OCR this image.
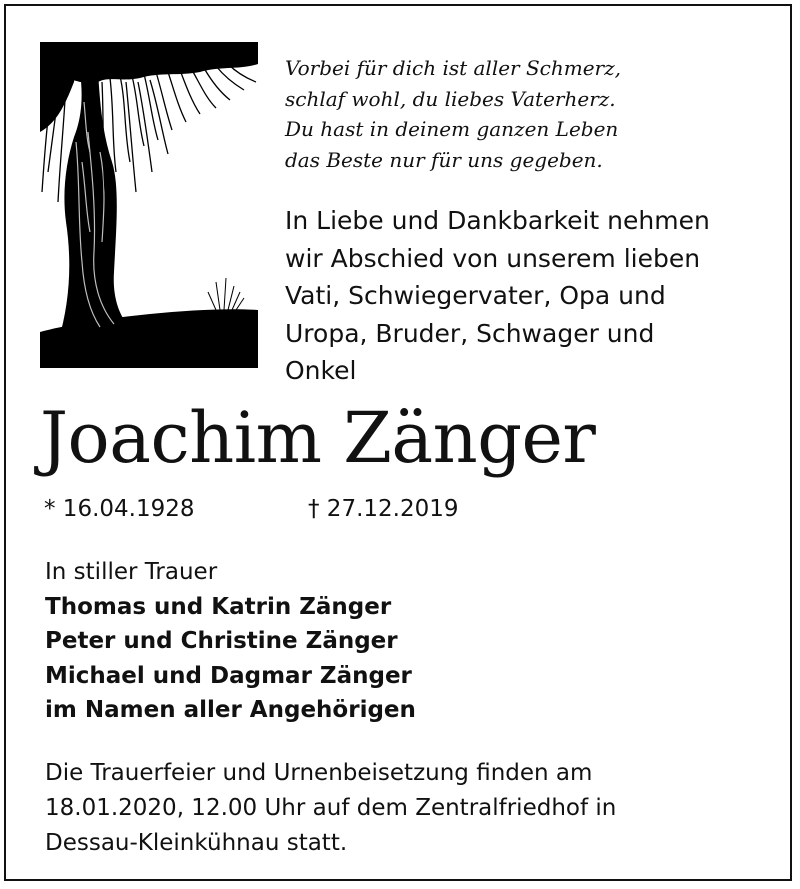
Vorbei für dich ist aller Schmerz,
schlaf wohl, du liebes Vaterherz.
Du hast in deinem ganzen Leben
das Beste nur für uns gegeben.
In Liebe und Dankbarkeit nehmen
wir Abschied von unserem lieben
Vati, Schwiegervater, Opa und
Uropa, Bruder, Schwager und
Onkel
Joachim Zänger
* 16.04.1928	† 27.12.2019
In stiller Trauer
Thomas und Katrin Zänger
Peter und Christine Zänger
Michael und Dagmar Zänger
im Namen aller Angehörigen
Die Trauerfeier und Urnenbeisetzung finden am
18.01.2020, 12.00 Uhr auf dem Zentralfriedhof in
Dessau-Kleinkühnau statt.
